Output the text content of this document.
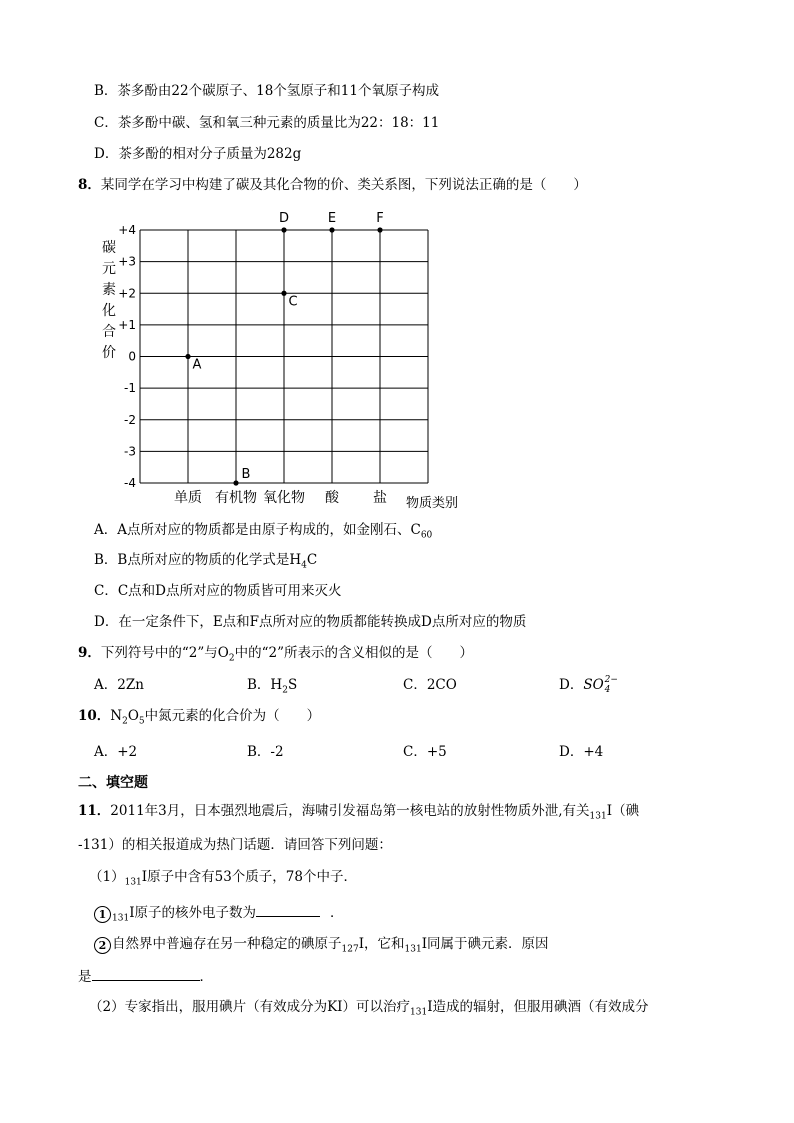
B．茶多酚由22个碳原子、18个氢原子和11个氧原子构成
C．茶多酚中碳、氢和氧三种元素的质量比为22：18：11
D．茶多酚的相对分子质量为282g
8．某同学在学习中构建了碳及其化合物的价、类关系图，下列说法正确的是（　　）
+4
+3
+2
+1
0
-1
-2
-3
-4
碳
元
素
化
合
价
单质 有机物 氧化物 酸 盐
A
B
C
D	E	F
物质类别
A．A点所对应的物质都是由原子构成的，如金刚石、$C_{60}$
B．B点所对应的物质的化学式是$H_4C$
C．C点和D点所对应的物质皆可用来灭火
D．在一定条件下，E点和F点所对应的物质都能转换成D点所对应的物质
9．下列符号中的“2”与$O_2$中的“2”所表示的含义相似的是（　　）
A．2Zn	B．$H_2S$	C．2CO	D．SO 2−
4
10．$N_2O_5$中氮元素的化合价为（　　）
A．+2	B．-2	C．+5	D．+4
二、填空题
11．2011年3月，日本强烈地震后，海啸引发福岛第一核电站的放射性物质外泄,有关$_{131}$I（碘
-131）的相关报道成为热门话题．请回答下列问题：
$(1)_{131}I$原子中含有53个质子，78个中子．
1 $_{131}$I原子的核外电子数为	．
2 自然界中普遍存在另一种稳定的碘原子$_{127}$I，它和$_{131}$I同属于碘元素．原因
是	．
（2）专家指出，服用碘片（有效成分为KI）可以治疗$_{131}$I造成的辐射，但服用碘酒（有效成分
